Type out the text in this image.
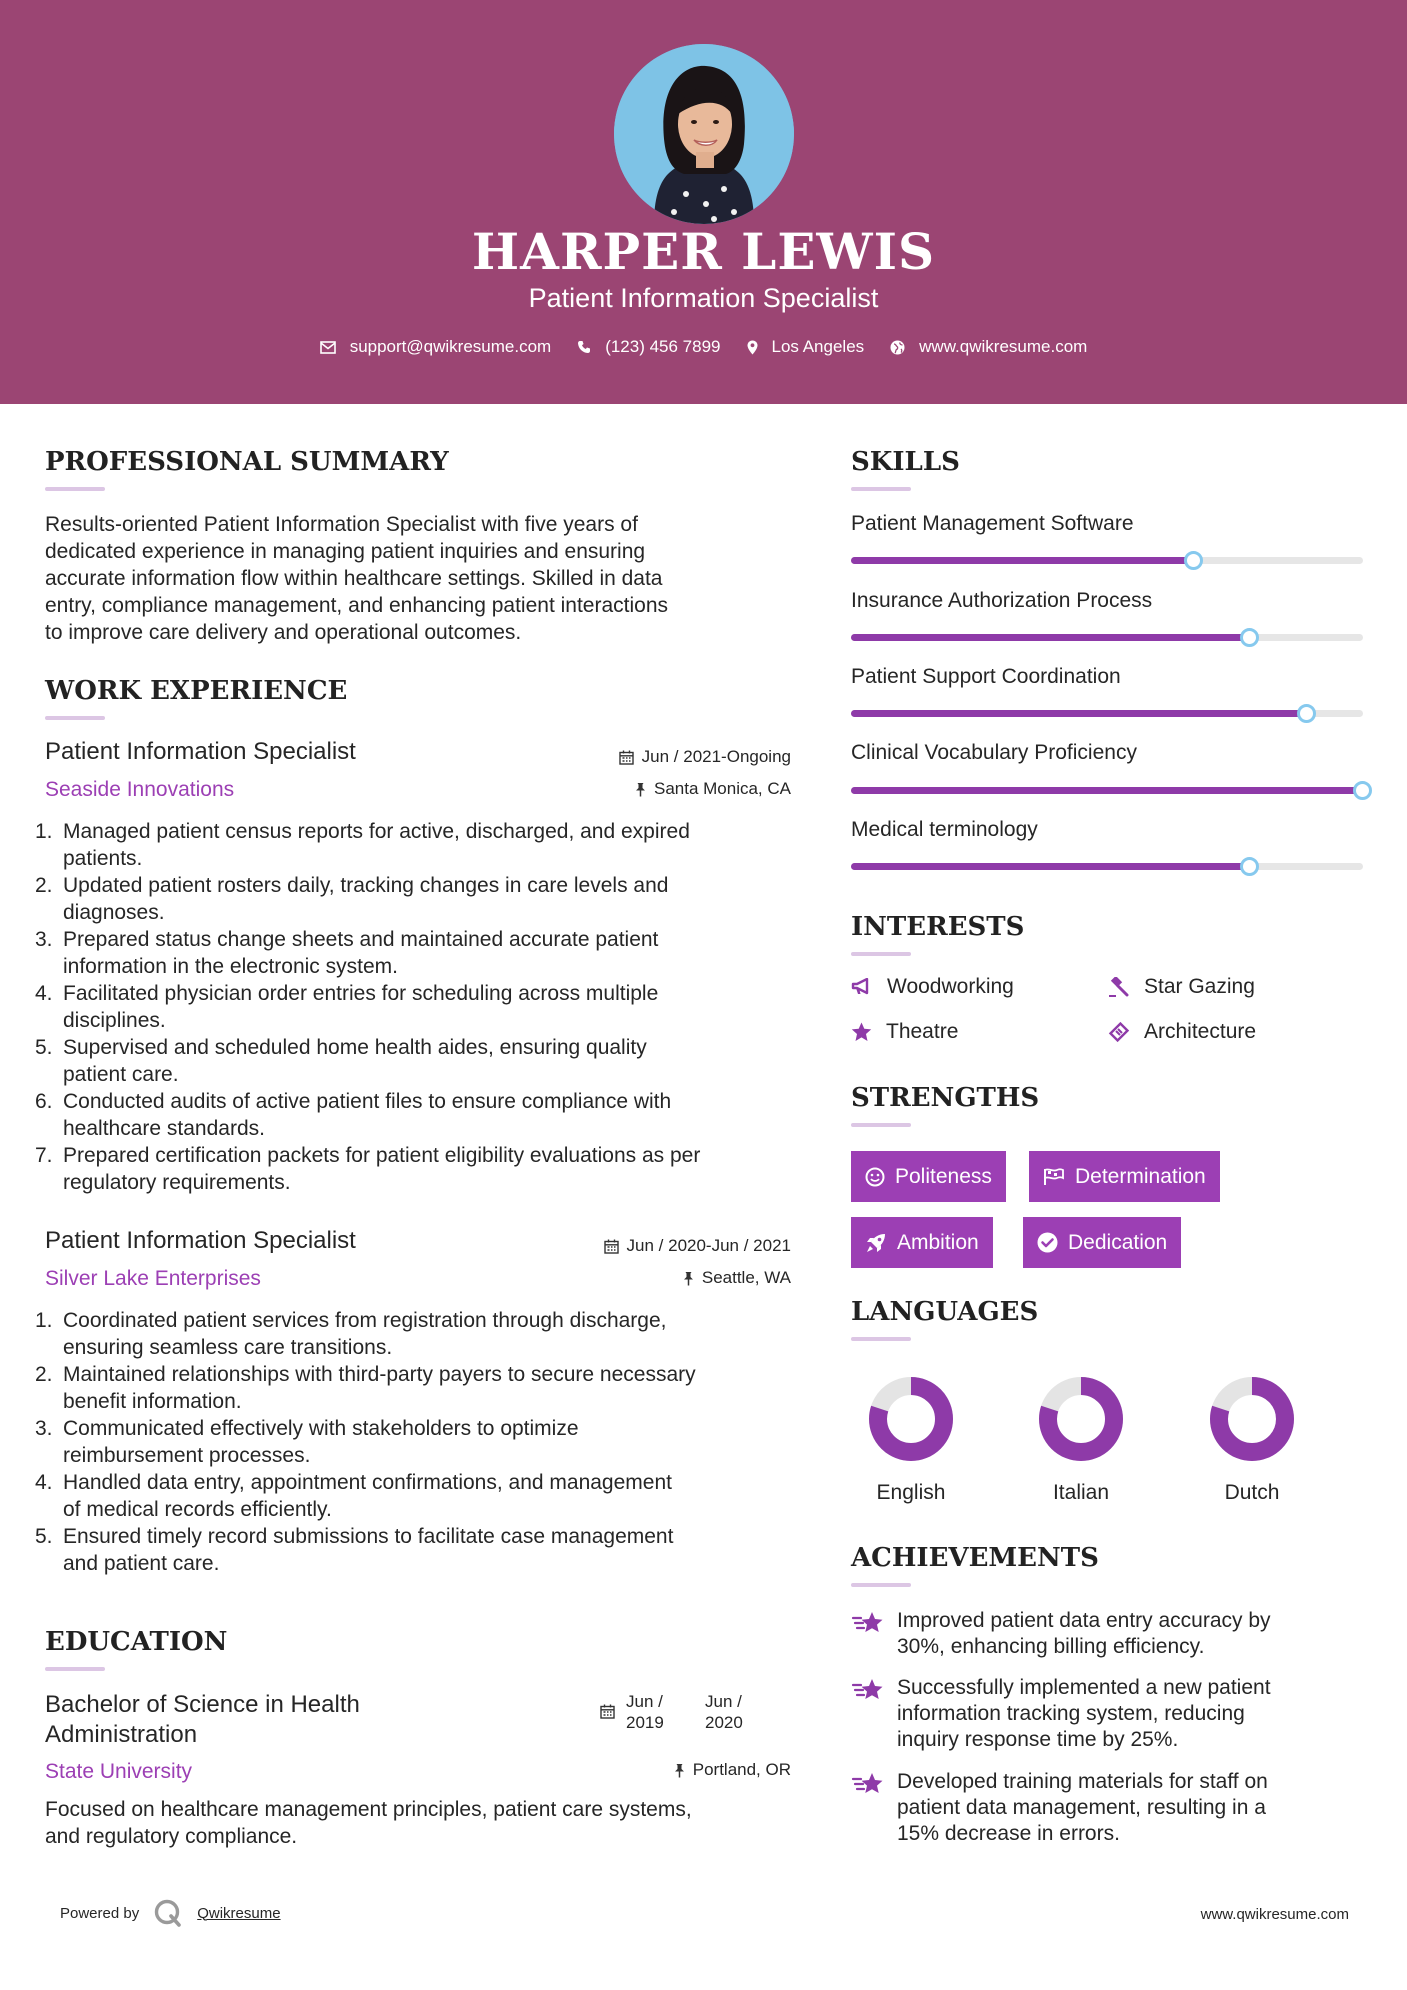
HARPER LEWIS
Patient Information Specialist
support@qwikresume.com	(123) 456 7899	Los Angeles	www.qwikresume.com
PROFESSIONAL SUMMARY
Results-oriented Patient Information Specialist with five years of
dedicated experience in managing patient inquiries and ensuring
accurate information flow within healthcare settings. Skilled in data
entry, compliance management, and enhancing patient interactions
to improve care delivery and operational outcomes.
WORK EXPERIENCE
Patient Information Specialist
Seaside Innovations
Jun / 2021-Ongoing
Santa Monica, CA
1. Managed patient census reports for active, discharged, and expired
patients.
2. Updated patient rosters daily, tracking changes in care levels and
diagnoses.
3. Prepared status change sheets and maintained accurate patient
information in the electronic system.
4. Facilitated physician order entries for scheduling across multiple
disciplines.
5. Supervised and scheduled home health aides, ensuring quality
patient care.
6. Conducted audits of active patient files to ensure compliance with
healthcare standards.
7. Prepared certification packets for patient eligibility evaluations as per
regulatory requirements.
Patient Information Specialist
Silver Lake Enterprises
Jun / 2020-Jun / 2021
Seattle, WA
1. Coordinated patient services from registration through discharge,
ensuring seamless care transitions.
2. Maintained relationships with third-party payers to secure necessary
benefit information.
3. Communicated effectively with stakeholders to optimize
reimbursement processes.
4. Handled data entry, appointment confirmations, and management
of medical records efficiently.
5. Ensured timely record submissions to facilitate case management
and patient care.
EDUCATION
Bachelor of Science in Health
Administration
Jun /
2019
Jun /
2020
State University	Portland, OR
Focused on healthcare management principles, patient care systems,
and regulatory compliance.
SKILLS
Patient Management Software
Insurance Authorization Process
Patient Support Coordination
Clinical Vocabulary Proficiency
Medical terminology
INTERESTS
Woodworking	Star Gazing
Theatre	Architecture
STRENGTHS
Politeness	Determination
Ambition	Dedication
LANGUAGES
English	Italian	Dutch
ACHIEVEMENTS
Improved patient data entry accuracy by
30%, enhancing billing efficiency.
Successfully implemented a new patient
information tracking system, reducing
inquiry response time by 25%.
Developed training materials for staff on
patient data management, resulting in a
15% decrease in errors.
Powered by	Qwikresume	www.qwikresume.com
